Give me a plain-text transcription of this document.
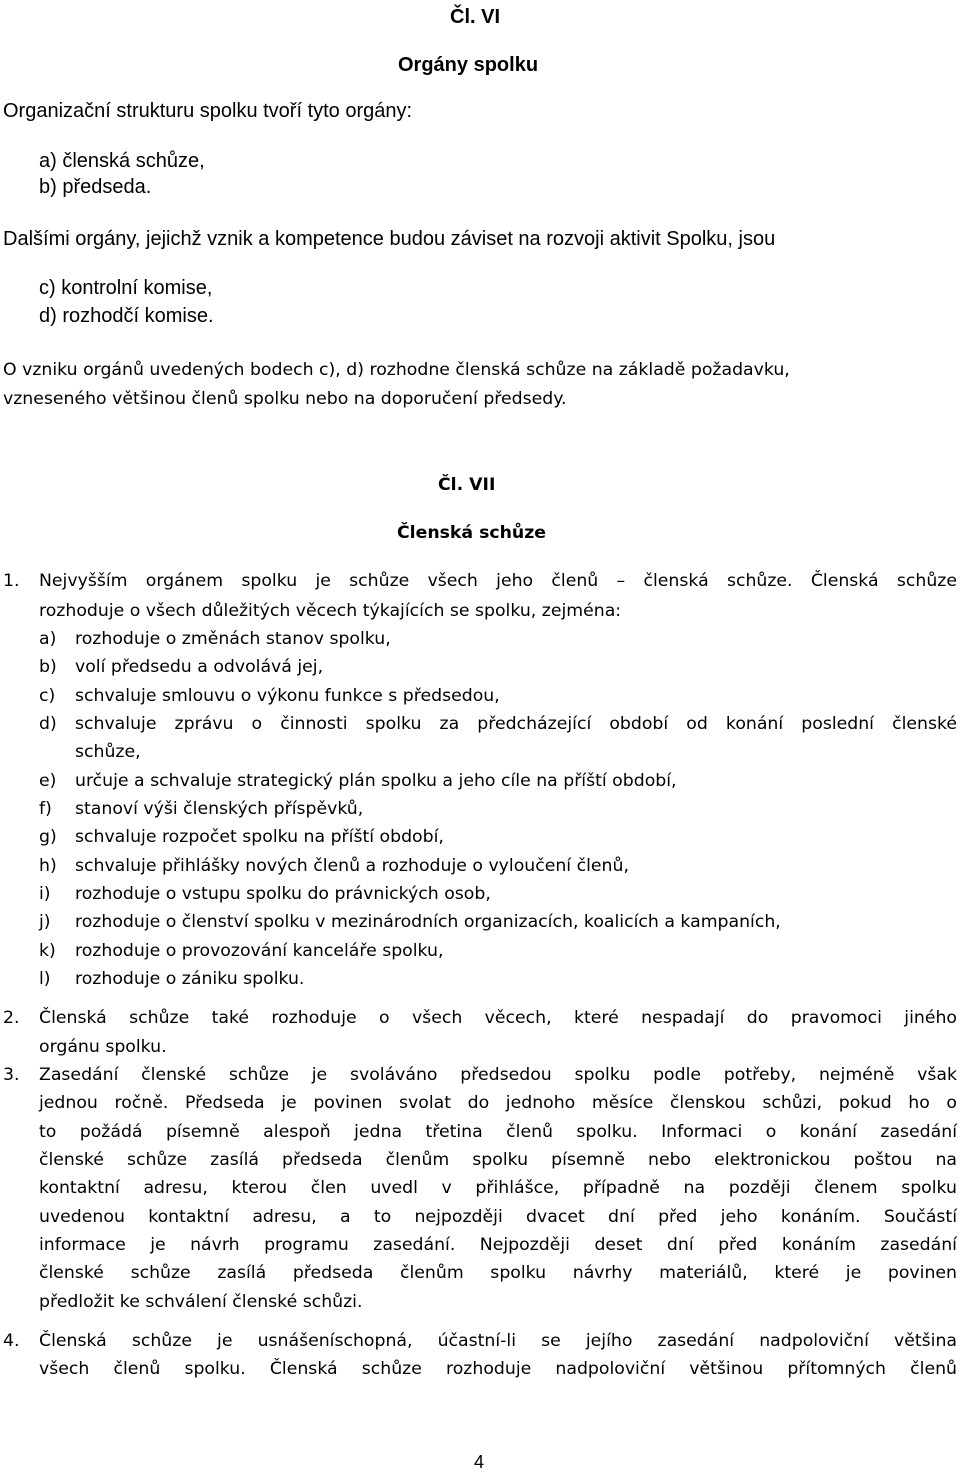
Čl. VI
Orgány spolku
Organizační strukturu spolku tvoří tyto orgány:
a) členská schůze,
b) předseda.
Dalšími orgány, jejichž vznik a kompetence budou záviset na rozvoji aktivit Spolku, jsou
c) kontrolní komise,
d) rozhodčí komise.
O vzniku orgánů uvedených bodech c), d) rozhodne členská schůze na základě požadavku,
vzneseného většinou členů spolku nebo na doporučení předsedy.
Čl. VII
Členská schůze
1. Nejvyšším orgánem spolku je schůze všech jeho členů – členská schůze. Členská schůze
rozhoduje o všech důležitých věcech týkajících se spolku, zejména:
a) rozhoduje o změnách stanov spolku,
b) volí předsedu a odvolává jej,
c) schvaluje smlouvu o výkonu funkce s předsedou,
d) schvaluje zprávu o činnosti spolku za předcházející období od konání poslední členské
schůze,
e) určuje a schvaluje strategický plán spolku a jeho cíle na příští období,
f) stanoví výši členských příspěvků,
g) schvaluje rozpočet spolku na příští období,
h) schvaluje přihlášky nových členů a rozhoduje o vyloučení členů,
i) rozhoduje o vstupu spolku do právnických osob,
j) rozhoduje o členství spolku v mezinárodních organizacích, koalicích a kampaních,
k) rozhoduje o provozování kanceláře spolku,
l) rozhoduje o zániku spolku.
2. Členská schůze také rozhoduje o všech věcech, které nespadají do pravomoci jiného
orgánu spolku.
3. Zasedání členské schůze je svoláváno předsedou spolku podle potřeby, nejméně však
jednou ročně. Předseda je povinen svolat do jednoho měsíce členskou schůzi, pokud ho o
to požádá písemně alespoň jedna třetina členů spolku. Informaci o konání zasedání
členské schůze zasílá předseda členům spolku písemně nebo elektronickou poštou na
kontaktní adresu, kterou člen uvedl v přihlášce, případně na později členem spolku
uvedenou kontaktní adresu, a to nejpozději dvacet dní před jeho konáním. Součástí
informace je návrh programu zasedání. Nejpozději deset dní před konáním zasedání
členské schůze zasílá předseda členům spolku návrhy materiálů, které je povinen
předložit ke schválení členské schůzi.
4. Členská schůze je usnášeníschopná, účastní-li se jejího zasedání nadpoloviční většina
všech členů spolku. Členská schůze rozhoduje nadpoloviční většinou přítomných členů
4
